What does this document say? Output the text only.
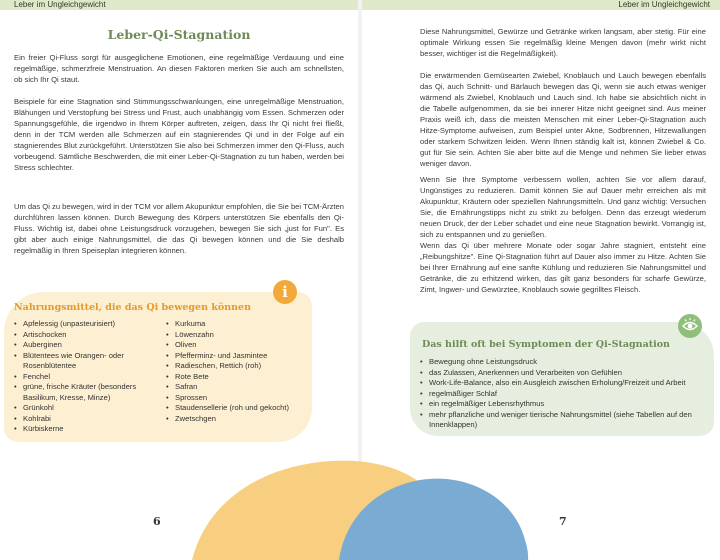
Leber im Ungleichgewicht	Leber im Ungleichgewicht
Leber-Qi-Stagnation
Ein freier Qi-Fluss sorgt für ausgeglichene Emotionen, eine regelmäßige Verdauung und eine regelmäßige, schmerzfreie Menstruation. An diesen Faktoren merken Sie auch am schnellsten, ob sich Ihr Qi staut.
Beispiele für eine Stagnation sind Stimmungsschwankungen, eine unregelmäßige Menstruation, Blähungen und Verstopfung bei Stress und Frust, auch unabhängig vom Essen. Schmerzen oder Spannungsgefühle, die irgendwo in Ihrem Körper auftreten, zeigen, dass Ihr Qi nicht frei fließt, denn in der TCM werden alle Schmerzen auf ein stagnierendes Qi und in der Folge auf ein stagnierendes Blut zurückgeführt. Unterstützen Sie also bei Schmerzen immer den Qi-Fluss, auch vorbeugend. Sämtliche Beschwerden, die mit einer Leber-Qi-Stagnation zu tun haben, werden bei Stress schlechter.
Um das Qi zu bewegen, wird in der TCM vor allem Akupunktur empfohlen, die Sie bei TCM-Ärzten durchführen lassen können. Durch Bewegung des Körpers unterstützen Sie ebenfalls den Qi-Fluss. Wichtig ist, dabei ohne Leistungsdruck vorzugehen, bewegen Sie sich „just for Fun". Es gibt aber auch einige Nahrungsmittel, die das Qi bewegen können und die Sie deshalb regelmäßig in Ihren Speiseplan integrieren können.
i
Nahrungsmittel, die das Qi bewegen können
• Apfelessig (unpasteurisiert)
• Artischocken
• Auberginen
• Blütentees wie Orangen- oder Rosenblütentee
• Fenchel
• grüne, frische Kräuter (besonders Basilikum, Kresse, Minze)
• Grünkohl
• Kohlrabi
• Kürbiskerne
• Kurkuma
• Löwenzahn
• Oliven
• Pfefferminz- und Jasmintee
• Radieschen, Rettich (roh)
• Rote Bete
• Safran
• Sprossen
• Staudensellerie (roh und gekocht)
• Zwetschgen
Diese Nahrungsmittel, Gewürze und Getränke wirken langsam, aber stetig. Für eine optimale Wirkung essen Sie regelmäßig kleine Mengen davon (mehr wirkt nicht besser, wichtiger ist die Regelmäßigkeit).
Die erwärmenden Gemüsearten Zwiebel, Knoblauch und Lauch bewegen ebenfalls das Qi, auch Schnitt- und Bärlauch bewegen das Qi, wenn sie auch etwas weniger wärmend als Zwiebel, Knoblauch und Lauch sind. Ich habe sie absichtlich nicht in die Tabelle aufgenommen, da sie bei innerer Hitze nicht geeignet sind. Aus meiner Praxis weiß ich, dass die meisten Menschen mit einer Leber-Qi-Stagnation auch Hitze-Symptome aufweisen, zum Beispiel unter Akne, Sodbrennen, Hitzewallungen oder starkem Schwitzen leiden. Wenn Ihnen ständig kalt ist, können Zwiebel & Co. gut für Sie sein. Achten Sie aber bitte auf die Menge und nehmen Sie lieber etwas weniger davon.
Wenn Sie Ihre Symptome verbessern wollen, achten Sie vor allem darauf, Ungünstiges zu reduzieren. Damit können Sie auf Dauer mehr erreichen als mit Akupunktur, Kräutern oder speziellen Nahrungsmitteln. Und ganz wichtig: Versuchen Sie, die Ernährungstipps nicht zu strikt zu befolgen. Denn das erzeugt wiederum neuen Druck, der der Leber schadet und eine neue Stagnation bewirkt. Vorrangig ist, sich zu entspannen und zu genießen.
Wenn das Qi über mehrere Monate oder sogar Jahre stagniert, entsteht eine „Reibungshitze". Eine Qi-Stagnation führt auf Dauer also immer zu Hitze. Achten Sie bei Ihrer Ernährung auf eine sanfte Kühlung und reduzieren Sie Nahrungsmittel und Getränke, die zu erhitzend wirken, das gilt ganz besonders für scharfe Gewürze, Zimt, Ingwer- und Gewürztee, Knoblauch sowie gegrilltes Fleisch.
Das hilft oft bei Symptomen der Qi-Stagnation
• Bewegung ohne Leistungsdruck
• das Zulassen, Anerkennen und Verarbeiten von Gefühlen
• Work-Life-Balance, also ein Ausgleich zwischen Erholung/Freizeit und Arbeit
• regelmäßiger Schlaf
• ein regelmäßiger Lebensrhythmus
• mehr pflanzliche und weniger tierische Nahrungsmittel (siehe Tabellen auf den Innenklappen)
6	7
